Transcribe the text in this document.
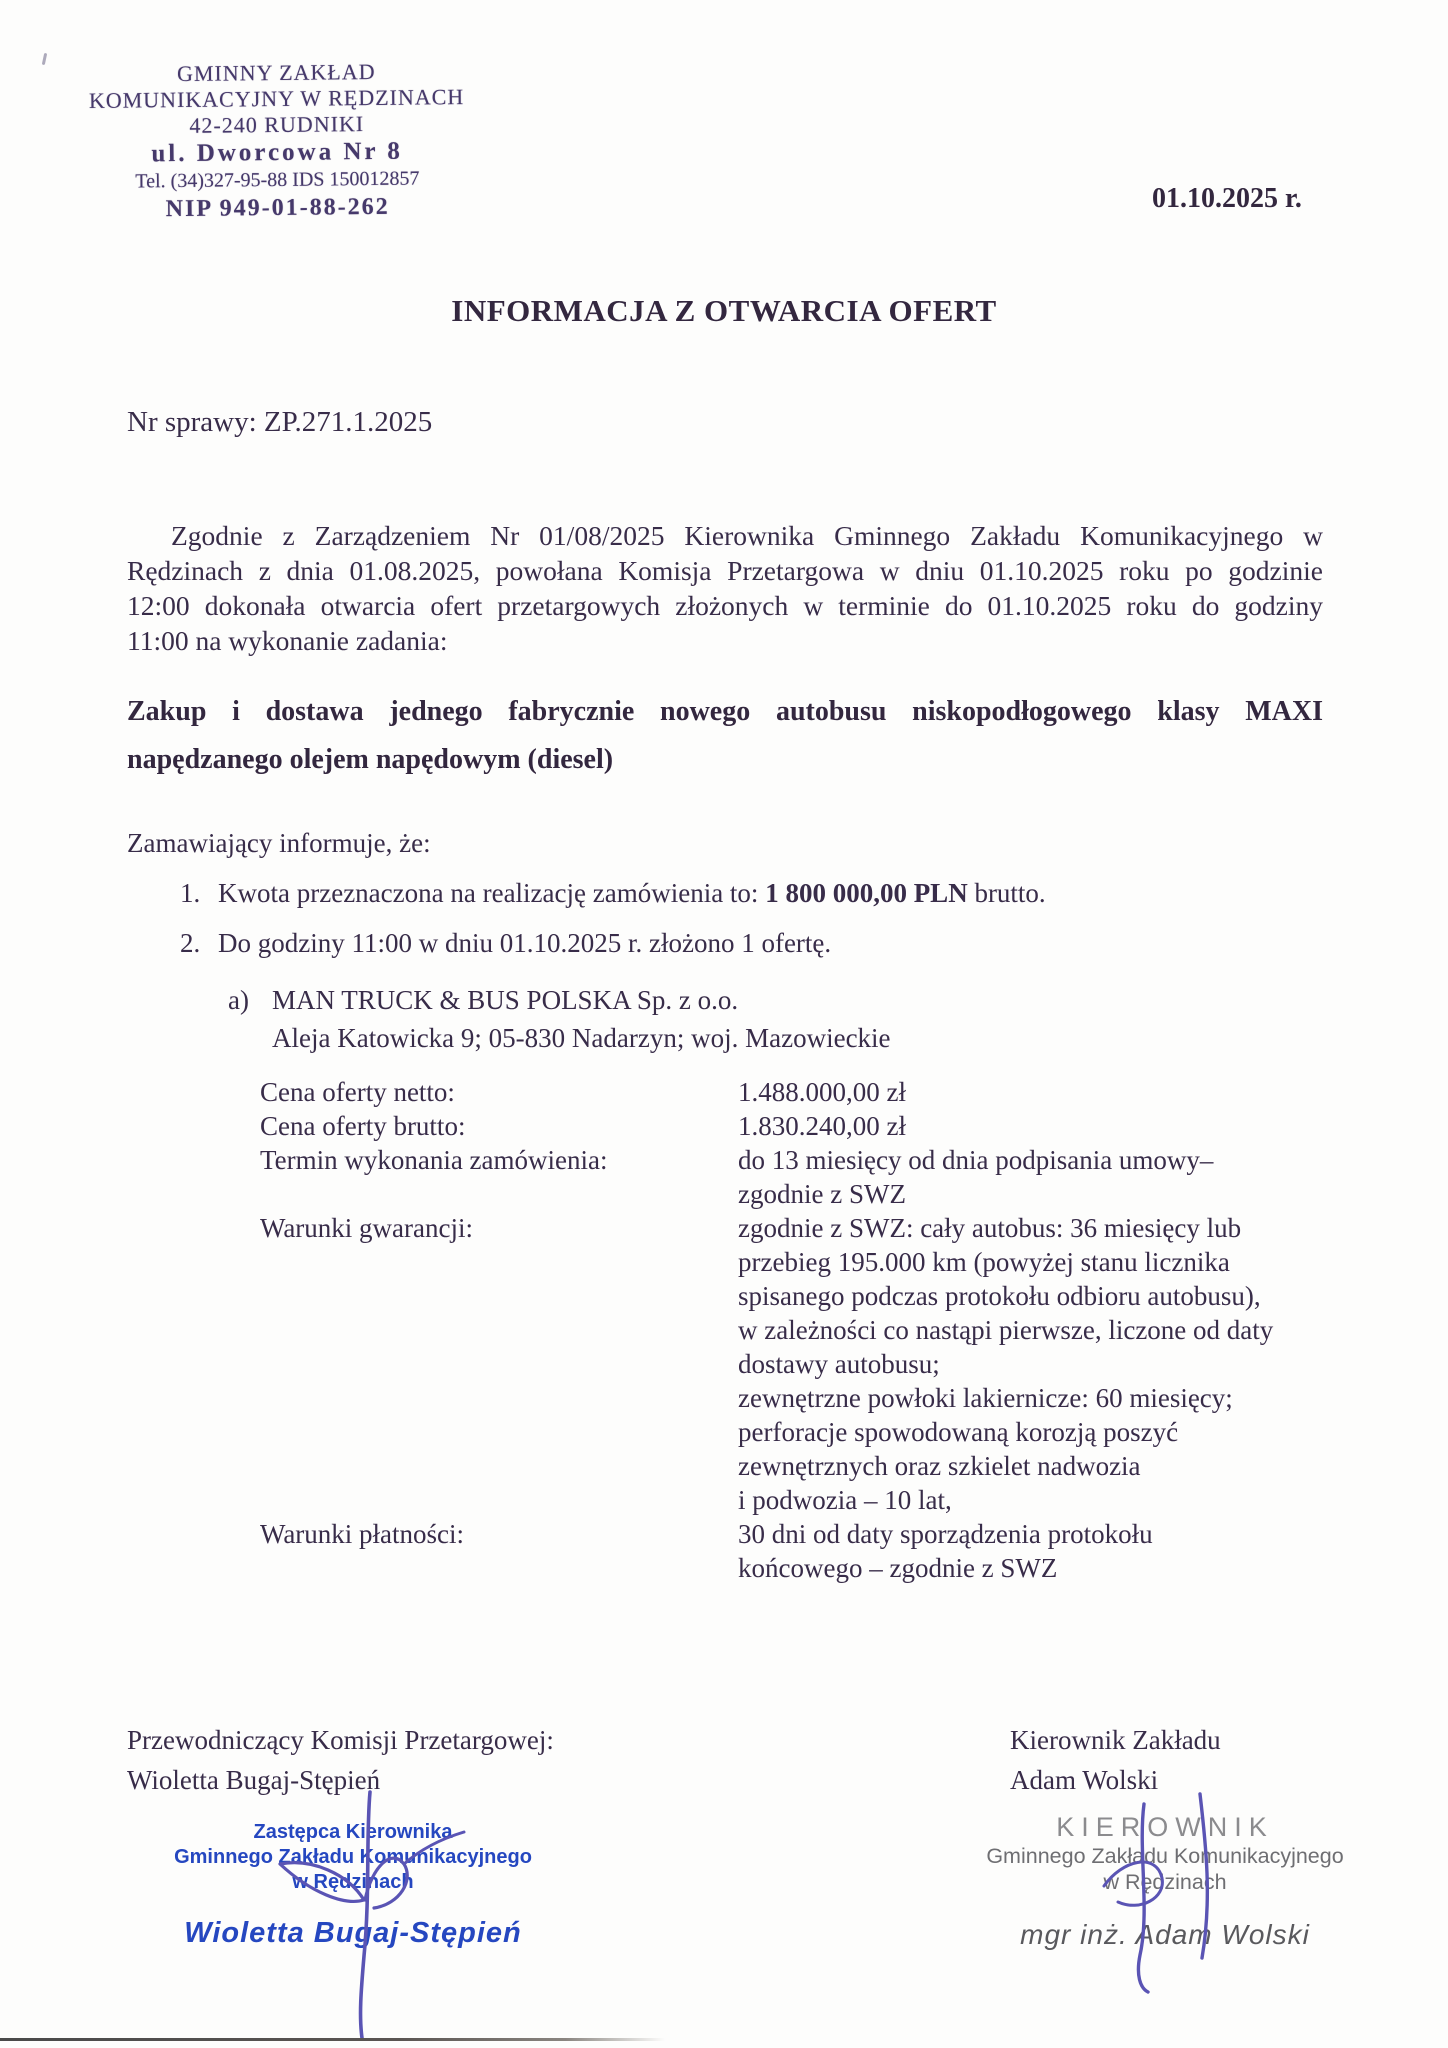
GMINNY ZAKŁAD
KOMUNIKACYJNY W RĘDZINACH
42-240 RUDNIKI
ul. Dworcowa Nr 8
Tel. (34)327-95-88 IDS 150012857
NIP 949-01-88-262	01.10.2025 r.
INFORMACJA Z OTWARCIA OFERT
Nr sprawy: ZP.271.1.2025
Zgodnie z Zarządzeniem Nr 01/08/2025 Kierownika Gminnego Zakładu Komunikacyjnego w
Rędzinach z dnia 01.08.2025, powołana Komisja Przetargowa w dniu 01.10.2025 roku po godzinie
12:00 dokonała otwarcia ofert przetargowych złożonych w terminie do 01.10.2025 roku do godziny
11:00 na wykonanie zadania:
Zakup i dostawa jednego fabrycznie nowego autobusu niskopodłogowego klasy MAXI
napędzanego olejem napędowym (diesel)
Zamawiający informuje, że:
1. Kwota przeznaczona na realizację zamówienia to: 1 800 000,00 PLN brutto.
2. Do godziny 11:00 w dniu 01.10.2025 r. złożono 1 ofertę.
a) MAN TRUCK & BUS POLSKA Sp. z o.o.
Aleja Katowicka 9; 05-830 Nadarzyn; woj. Mazowieckie
Cena oferty netto:	1.488.000,00 zł
Cena oferty brutto:	1.830.240,00 zł
Termin wykonania zamówienia:	do 13 miesięcy od dnia podpisania umowy–
zgodnie z SWZ
Warunki gwarancji:	zgodnie z SWZ: cały autobus: 36 miesięcy lub
przebieg 195.000 km (powyżej stanu licznika
spisanego podczas protokołu odbioru autobusu),
w zależności co nastąpi pierwsze, liczone od daty
dostawy autobusu;
zewnętrzne powłoki lakiernicze: 60 miesięcy;
perforacje spowodowaną korozją poszyć
zewnętrznych oraz szkielet nadwozia
i podwozia – 10 lat,
Warunki płatności:	30 dni od daty sporządzenia protokołu
końcowego – zgodnie z SWZ
Przewodniczący Komisji Przetargowej:
Wioletta Bugaj-Stępień
Kierownik Zakładu
Adam Wolski
Zastępca Kierownika
Gminnego Zakładu Komunikacyjnego
w Rędzinach
Wioletta Bugaj-Stępień
KIEROWNIK
Gminnego Zakładu Komunikacyjnego
w Rędzinach
mgr inż. Adam Wolski
